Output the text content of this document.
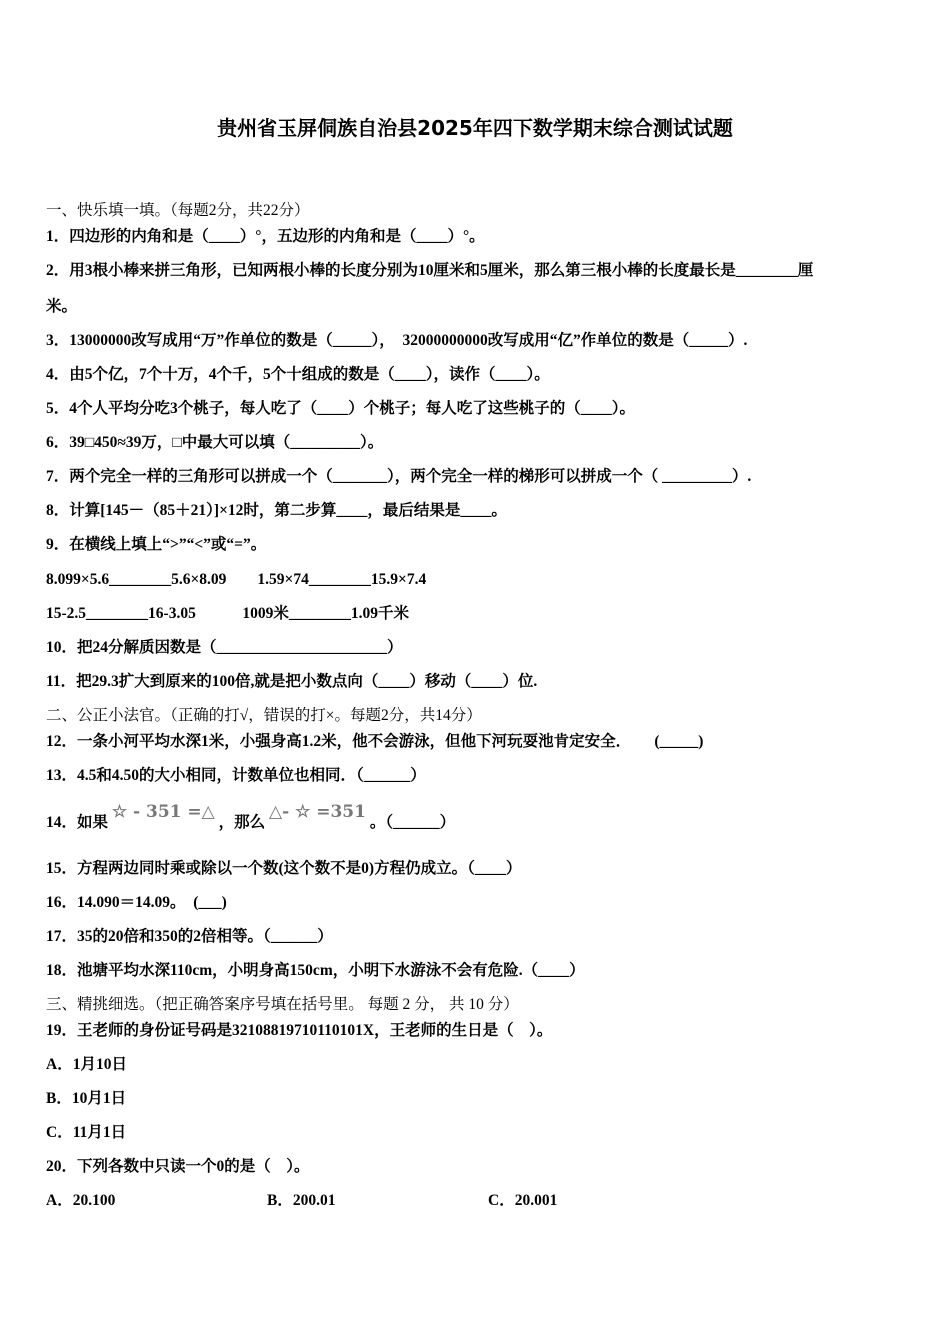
贵州省玉屏侗族自治县2025年四下数学期末综合测试试题
一、快乐填一填。（每题2分，共22分）
1．四边形的内角和是（____）°，五边形的内角和是（____）°。
2．用3根小棒来拼三角形，已知两根小棒的长度分别为10厘米和5厘米，那么第三根小棒的长度最长是________厘
米。
3．13000000改写成用“万”作单位的数是（_____），　32000000000改写成用“亿”作单位的数是（_____）.
4．由5个亿，7个十万，4个千，5个十组成的数是（____），读作（____）。
5．4个人平均分吃3个桃子，每人吃了（____）个桃子；每人吃了这些桃子的（____）。
6．39□450≈39万，□中最大可以填（_________）。
7．两个完全一样的三角形可以拼成一个（_______），两个完全一样的梯形可以拼成一个（ _________）.
8．计算[145－（85＋21）]×12时，第二步算____，最后结果是____。
9．在横线上填上“>”“<”或“=”。
8.099×5.6________5.6×8.09　　1.59×74________15.9×7.4
15-2.5________16-3.05　　　1009米________1.09千米
10．把24分解质因数是（______________________）
11．把29.3扩大到原来的100倍,就是把小数点向（____）移动（____）位.
二、公正小法官。（正确的打√，错误的打×。每题2分，共14分）
12．一条小河平均水深1米，小强身高1.2米，他不会游泳，但他下河玩耍池肯定安全．　　(_____)
13．4.5和4.50的大小相同，计数单位也相同．（______）
14．如果 ☆ - 351 =△ ，那么 △- ☆ =351 。（______）
15．方程两边同时乘或除以一个数(这个数不是0)方程仍成立。（____）
16．14.090＝14.09。　(___)
17．35的20倍和350的2倍相等。（______）
18．池塘平均水深110cm，小明身高150cm，小明下水游泳不会有危险.（____）
三、精挑细选。（把正确答案序号填在括号里。 每题 2 分， 共 10 分）
19．王老师的身份证号码是32108819710110101X，王老师的生日是（　）。
A．1月10日
B．10月1日
C．11月1日
20．下列各数中只读一个0的是（　）。
A．20.100	B．200.01	C．20.001
